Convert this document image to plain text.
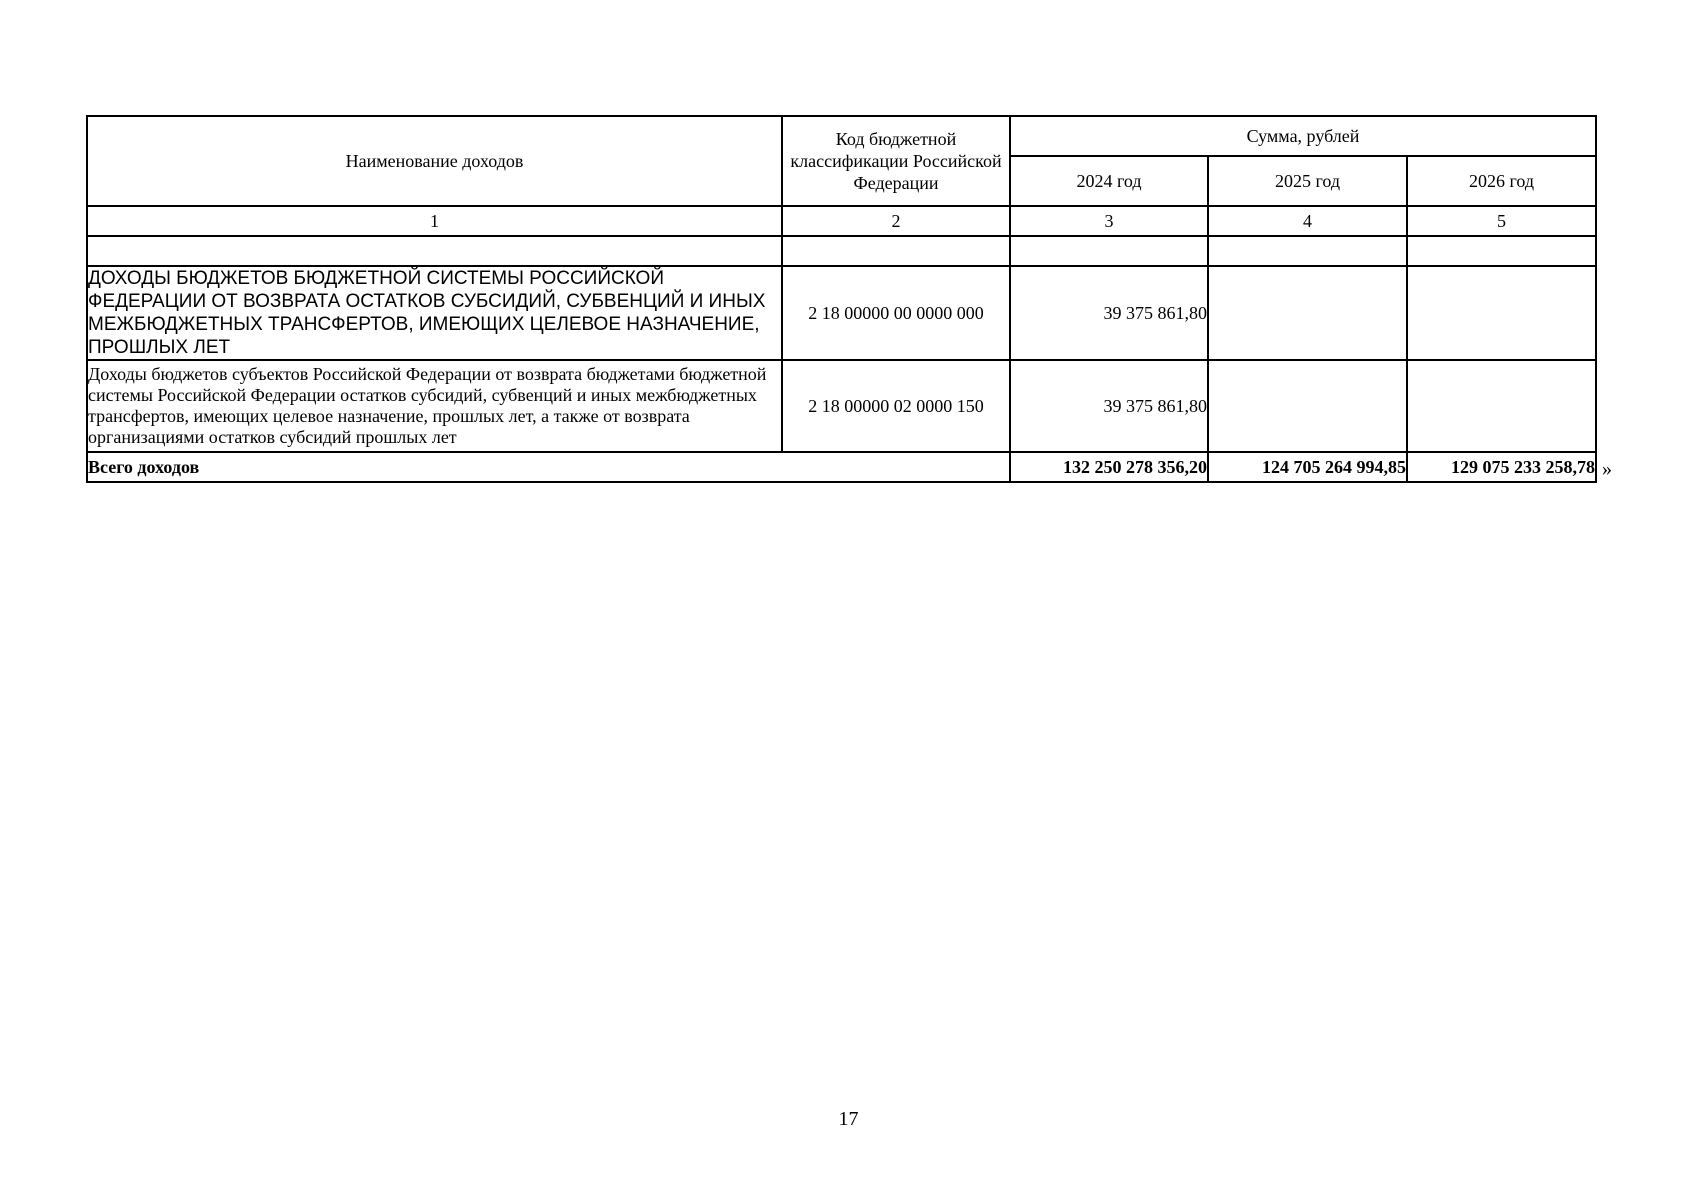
Наименование доходов	Код бюджетной классификации Российской Федерации	Сумма, рублей		
		2024 год	2025 год	2026 год
1	2	3	4	5

ДОХОДЫ БЮДЖЕТОВ БЮДЖЕТНОЙ СИСТЕМЫ РОССИЙСКОЙ ФЕДЕРАЦИИ ОТ ВОЗВРАТА ОСТАТКОВ СУБСИДИЙ, СУБВЕНЦИЙ И ИНЫХ МЕЖБЮДЖЕТНЫХ ТРАНСФЕРТОВ, ИМЕЮЩИХ ЦЕЛЕВОЕ НАЗНАЧЕНИЕ, ПРОШЛЫХ ЛЕТ	2 18 00000 00 0000 000	39 375 861,80		
Доходы бюджетов субъектов Российской Федерации от возврата бюджетами бюджетной системы Российской Федерации остатков субсидий, субвенций и иных межбюджетных трансфертов, имеющих целевое назначение, прошлых лет, а также от возврата организациями остатков субсидий прошлых лет	2 18 00000 02 0000 150	39 375 861,80		
Всего доходов		132 250 278 356,20	124 705 264 994,85	129 075 233 258,78 »
17
